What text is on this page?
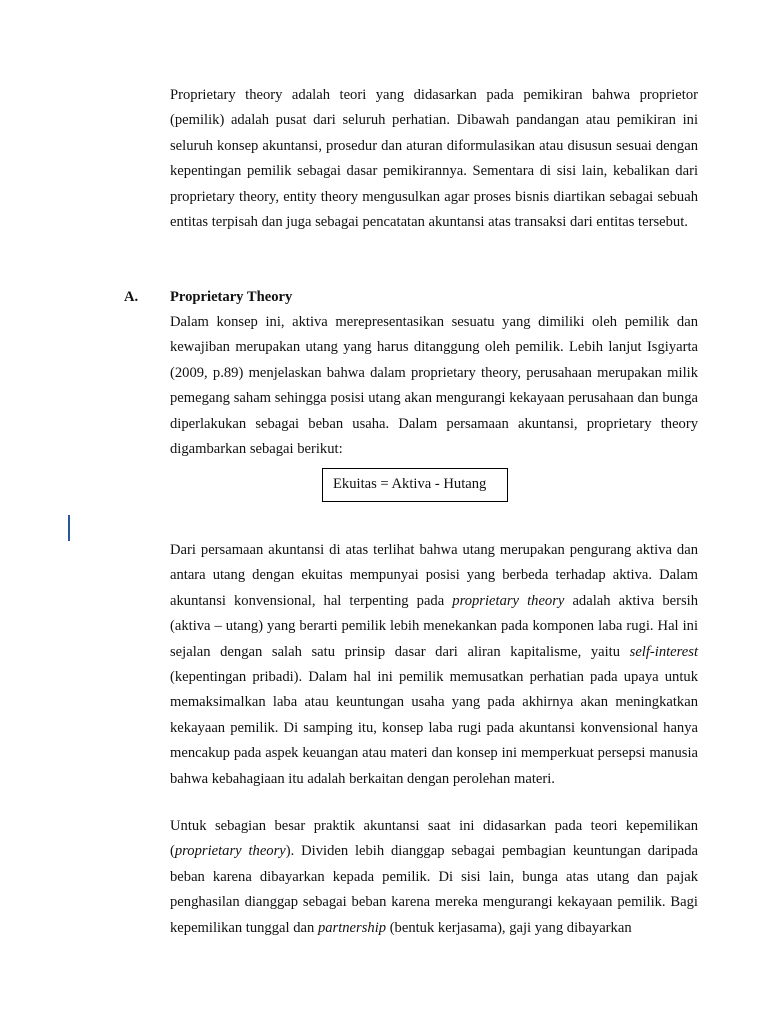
Proprietary theory adalah teori yang didasarkan pada pemikiran bahwa proprietor (pemilik) adalah pusat dari seluruh perhatian. Dibawah pandangan atau pemikiran ini seluruh konsep akuntansi, prosedur dan aturan diformulasikan atau disusun sesuai dengan kepentingan pemilik sebagai dasar pemikirannya. Sementara di sisi lain, kebalikan dari proprietary theory, entity theory mengusulkan agar proses bisnis diartikan sebagai sebuah entitas terpisah dan juga sebagai pencatatan akuntansi atas transaksi dari entitas tersebut.

A. Proprietary Theory

Dalam konsep ini, aktiva merepresentasikan sesuatu yang dimiliki oleh pemilik dan kewajiban merupakan utang yang harus ditanggung oleh pemilik. Lebih lanjut Isgiyarta (2009, p.89) menjelaskan bahwa dalam proprietary theory, perusahaan merupakan milik pemegang saham sehingga posisi utang akan mengurangi kekayaan perusahaan dan bunga diperlakukan sebagai beban usaha. Dalam persamaan akuntansi, proprietary theory digambarkan sebagai berikut:

Ekuitas = Aktiva - Hutang

Dari persamaan akuntansi di atas terlihat bahwa utang merupakan pengurang aktiva dan antara utang dengan ekuitas mempunyai posisi yang berbeda terhadap aktiva. Dalam akuntansi konvensional, hal terpenting pada proprietary theory adalah aktiva bersih (aktiva – utang) yang berarti pemilik lebih menekankan pada komponen laba rugi. Hal ini sejalan dengan salah satu prinsip dasar dari aliran kapitalisme, yaitu self-interest (kepentingan pribadi). Dalam hal ini pemilik memusatkan perhatian pada upaya untuk memaksimalkan laba atau keuntungan usaha yang pada akhirnya akan meningkatkan kekayaan pemilik. Di samping itu, konsep laba rugi pada akuntansi konvensional hanya mencakup pada aspek keuangan atau materi dan konsep ini memperkuat persepsi manusia bahwa kebahagiaan itu adalah berkaitan dengan perolehan materi.

Untuk sebagian besar praktik akuntansi saat ini didasarkan pada teori kepemilikan (proprietary theory). Dividen lebih dianggap sebagai pembagian keuntungan daripada beban karena dibayarkan kepada pemilik. Di sisi lain, bunga atas utang dan pajak penghasilan dianggap sebagai beban karena mereka mengurangi kekayaan pemilik. Bagi kepemilikan tunggal dan partnership (bentuk kerjasama), gaji yang dibayarkan
